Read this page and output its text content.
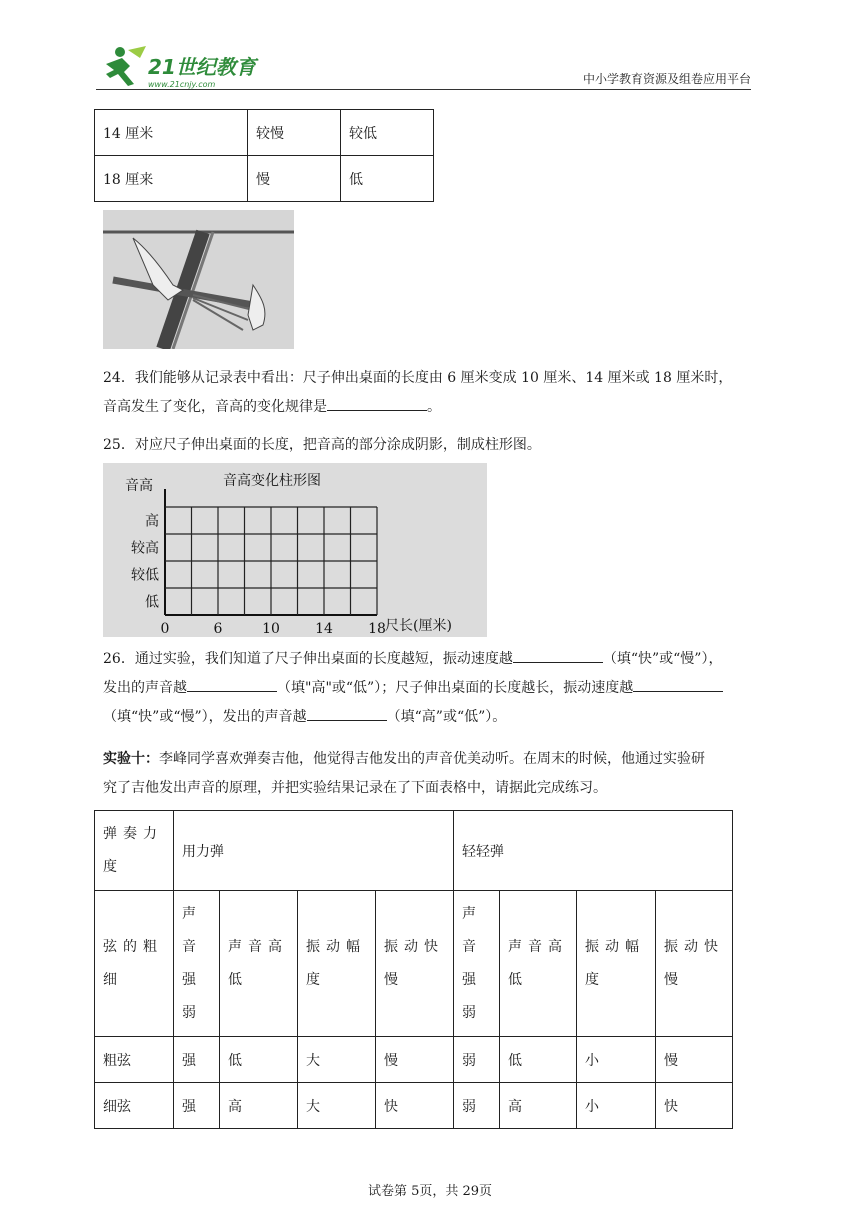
21世纪教育
www.21cnjy.com	中小学教育资源及组卷应用平台
14 厘米	较慢	较低
18 厘来	慢	低
24．我们能够从记录表中看出：尺子伸出桌面的长度由 6 厘米变成 10 厘米、14 厘米或 18 厘米时，
音高发生了变化，音高的变化规律是	。
25．对应尺子伸出桌面的长度，把音高的部分涂成阴影，制成柱形图。
音高变化柱形图
音高
尺长(厘米)
低
较低
较高
高
0	6	10	14	18
26．通过实验，我们知道了尺子伸出桌面的长度越短，振动速度越	（填“快”或“慢”），
发出的声音越	（填"高"或“低”）；尺子伸出桌面的长度越长，振动速度越
（填“快”或“慢”），发出的声音越	（填“高”或“低”）。
实验十：李峰同学喜欢弹奏吉他，他觉得吉他发出的声音优美动听。在周末的时候，他通过实验研
究了吉他发出声音的原理，并把实验结果记录在了下面表格中，请据此完成练习。
弹奏力度	用力弹				轻轻弹			

弦的粗细	声音强弱	声音高低	振动幅度	振动快慢	声音强弱	声音高低	振动幅度	振动快慢

粗弦	强	低	大	慢	弱	低	小	慢
细弦	强	高	大	快	弱	高	小	快
试卷第 5页，共 29页
